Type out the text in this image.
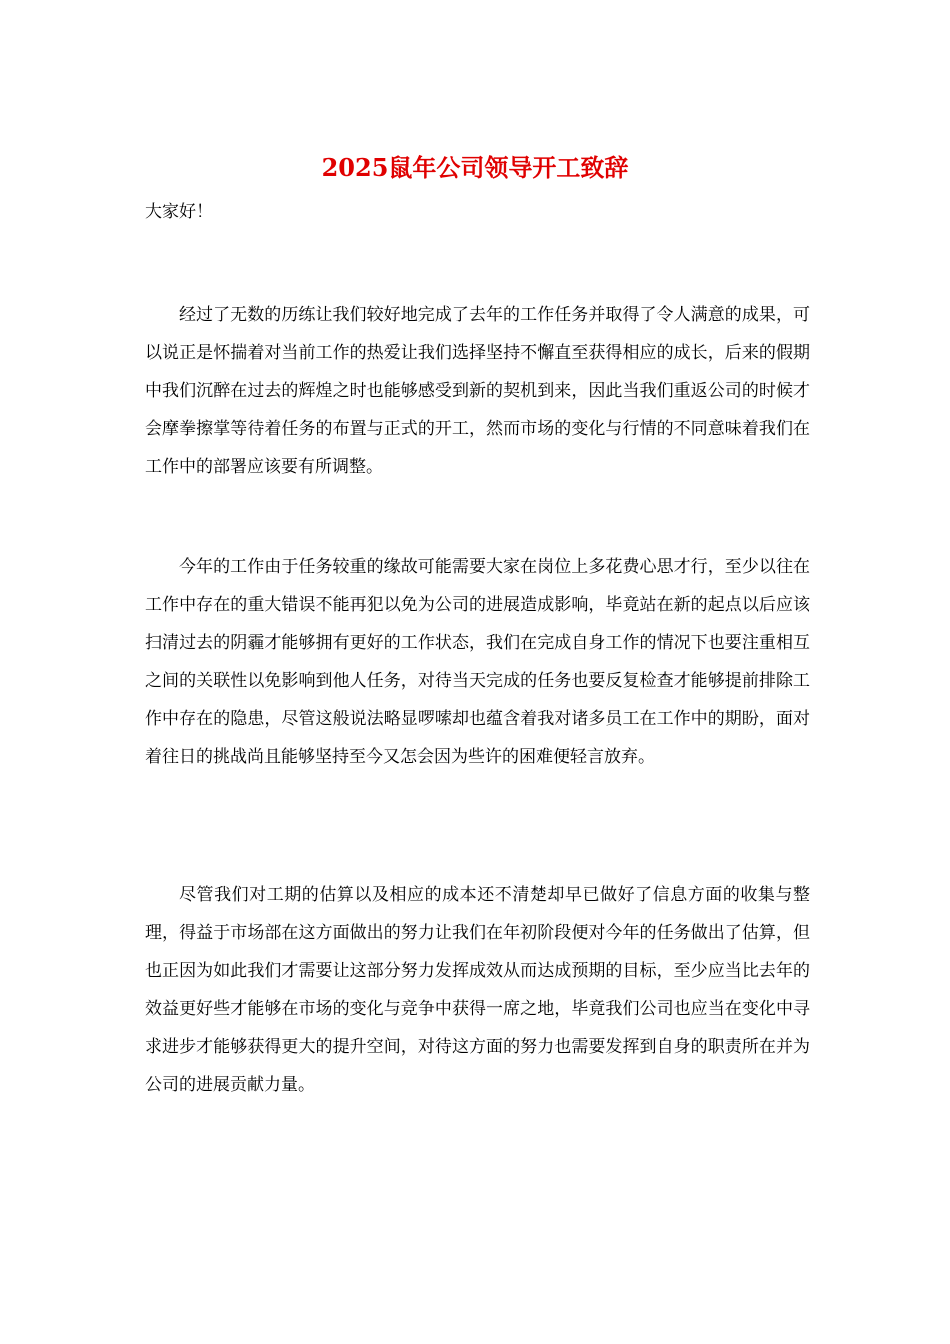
2025鼠年公司领导开工致辞
大家好！

经过了无数的历练让我们较好地完成了去年的工作任务并取得了令人满意的成果，可以说正是怀揣着对当前工作的热爱让我们选择坚持不懈直至获得相应的成长，后来的假期中我们沉醉在过去的辉煌之时也能够感受到新的契机到来，因此当我们重返公司的时候才会摩拳擦掌等待着任务的布置与正式的开工，然而市场的变化与行情的不同意味着我们在工作中的部署应该要有所调整。

今年的工作由于任务较重的缘故可能需要大家在岗位上多花费心思才行，至少以往在工作中存在的重大错误不能再犯以免为公司的进展造成影响，毕竟站在新的起点以后应该扫清过去的阴霾才能够拥有更好的工作状态，我们在完成自身工作的情况下也要注重相互之间的关联性以免影响到他人任务，对待当天完成的任务也要反复检查才能够提前排除工作中存在的隐患，尽管这般说法略显啰嗦却也蕴含着我对诸多员工在工作中的期盼，面对着往日的挑战尚且能够坚持至今又怎会因为些许的困难便轻言放弃。

尽管我们对工期的估算以及相应的成本还不清楚却早已做好了信息方面的收集与整理，得益于市场部在这方面做出的努力让我们在年初阶段便对今年的任务做出了估算，但也正因为如此我们才需要让这部分努力发挥成效从而达成预期的目标，至少应当比去年的效益更好些才能够在市场的变化与竞争中获得一席之地，毕竟我们公司也应当在变化中寻求进步才能够获得更大的提升空间，对待这方面的努力也需要发挥到自身的职责所在并为公司的进展贡献力量。
